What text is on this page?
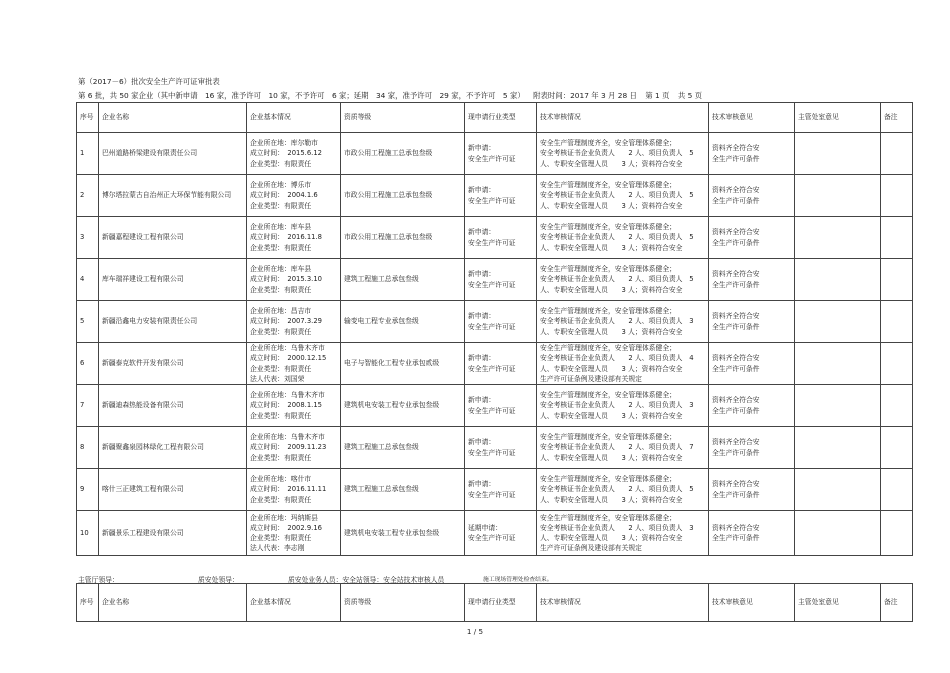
第（2017－6）批次安全生产许可证审批表
第 6 批，共 50 家企业（其中新申请　16 家，准予许可　10 家，不予许可　6 家；延期　34 家，准予许可　29 家，不予许可　5 家） 附表时间：2017 年 3 月 28 日 第 1 页 共 5 页
序号	企业名称	企业基本情况	资质等级	现申请行业类型	技术审核情况	技术审核意见	主管处室意见	备注
1	巴州道路桥梁建设有限责任公司	企业所在地：库尔勒市
成立时间：　2015.6.12
企业类型：有限责任	市政公用工程施工总承包叁级	新申请：
安全生产许可证	安全生产管理制度齐全，安全管理体系健全；
安全考核证书企业负责人　　2 人、项目负责人　5
人、专职安全管理人员　　3 人；资料符合安全	资料齐全符合安
全生产许可条件		

2	博尔塔拉蒙古自治州正大环保节能有限公司	企业所在地：博乐市
成立时间：　2004.1.6
企业类型：有限责任	市政公用工程施工总承包叁级	新申请：
安全生产许可证	安全生产管理制度齐全，安全管理体系健全；
安全考核证书企业负责人　　2 人、项目负责人　5
人、专职安全管理人员　　3 人；资料符合安全	资料齐全符合安
全生产许可条件		

3	新疆嘉程建设工程有限公司	企业所在地：库车县
成立时间：　2016.11.8
企业类型：有限责任	市政公用工程施工总承包叁级	新申请：
安全生产许可证	安全生产管理制度齐全，安全管理体系健全；
安全考核证书企业负责人　　2 人、项目负责人　5
人、专职安全管理人员　　3 人；资料符合安全	资料齐全符合安
全生产许可条件		

4	库车瑞祥建设工程有限公司	企业所在地：库车县
成立时间：　2015.3.10
企业类型：有限责任	建筑工程施工总承包叁级	新申请：
安全生产许可证	安全生产管理制度齐全，安全管理体系健全；
安全考核证书企业负责人　　2 人、项目负责人　5
人、专职安全管理人员　　3 人；资料符合安全	资料齐全符合安
全生产许可条件		

5	新疆沿鑫电力安装有限责任公司	企业所在地：昌吉市
成立时间：　2007.3.29
企业类型：有限责任	输变电工程专业承包叁级	新申请：
安全生产许可证	安全生产管理制度齐全，安全管理体系健全；
安全考核证书企业负责人　　2 人、项目负责人　3
人、专职安全管理人员　　3 人；资料符合安全	资料齐全符合安
全生产许可条件		

6	新疆泰克软件开发有限公司	企业所在地：乌鲁木齐市
成立时间：　2000.12.15
企业类型：有限责任
法人代表：刘国荣	电子与智能化工程专业承包贰级	新申请：
安全生产许可证	安全生产管理制度齐全，安全管理体系健全；
安全考核证书企业负责人　　2 人、项目负责人　4
人、专职安全管理人员　　3 人；资料符合安全
生产许可证条例及建设部有关规定	资料齐全符合安
全生产许可条件		

7	新疆迪森热能设备有限公司	企业所在地：乌鲁木齐市
成立时间：　2008.1.15
企业类型：有限责任	建筑机电安装工程专业承包叁级	新申请：
安全生产许可证	安全生产管理制度齐全，安全管理体系健全；
安全考核证书企业负责人　　2 人、项目负责人　3
人、专职安全管理人员　　3 人；资料符合安全	资料齐全符合安
全生产许可条件		

8	新疆聚鑫泉园林绿化工程有限公司	企业所在地：乌鲁木齐市
成立时间：　2009.11.23
企业类型：有限责任	建筑工程施工总承包叁级	新申请：
安全生产许可证	安全生产管理制度齐全，安全管理体系健全；
安全考核证书企业负责人　　2 人、项目负责人　7
人、专职安全管理人员　　3 人；资料符合安全	资料齐全符合安
全生产许可条件		

9	喀什三正建筑工程有限公司	企业所在地：喀什市
成立时间：　2016.11.11
企业类型：有限责任	建筑工程施工总承包叁级	新申请：
安全生产许可证	安全生产管理制度齐全，安全管理体系健全；
安全考核证书企业负责人　　2 人、项目负责人　5
人、专职安全管理人员　　3 人；资料符合安全	资料齐全符合安
全生产许可条件		

10	新疆景乐工程建设有限公司	企业所在地：玛纳斯县
成立时间：　2002.9.16
企业类型：有限责任
法人代表：李志刚	建筑机电安装工程专业承包叁级	延期申请：
安全生产许可证	安全生产管理制度齐全，安全管理体系健全；
安全考核证书企业负责人　　2 人、项目负责人　3
人、专职安全管理人员　　3 人；资料符合安全
生产许可证条例及建设部有关规定	资料齐全符合安
全生产许可条件		

主管厅领导：	质安处领导：	质安处业务人员：安全站领导：安全站技术审核人员	施工现场管理处检查结束。
序号	企业名称	企业基本情况	资质等级	现申请行业类型	技术审核情况	技术审核意见	主管处室意见	备注
1 / 5
